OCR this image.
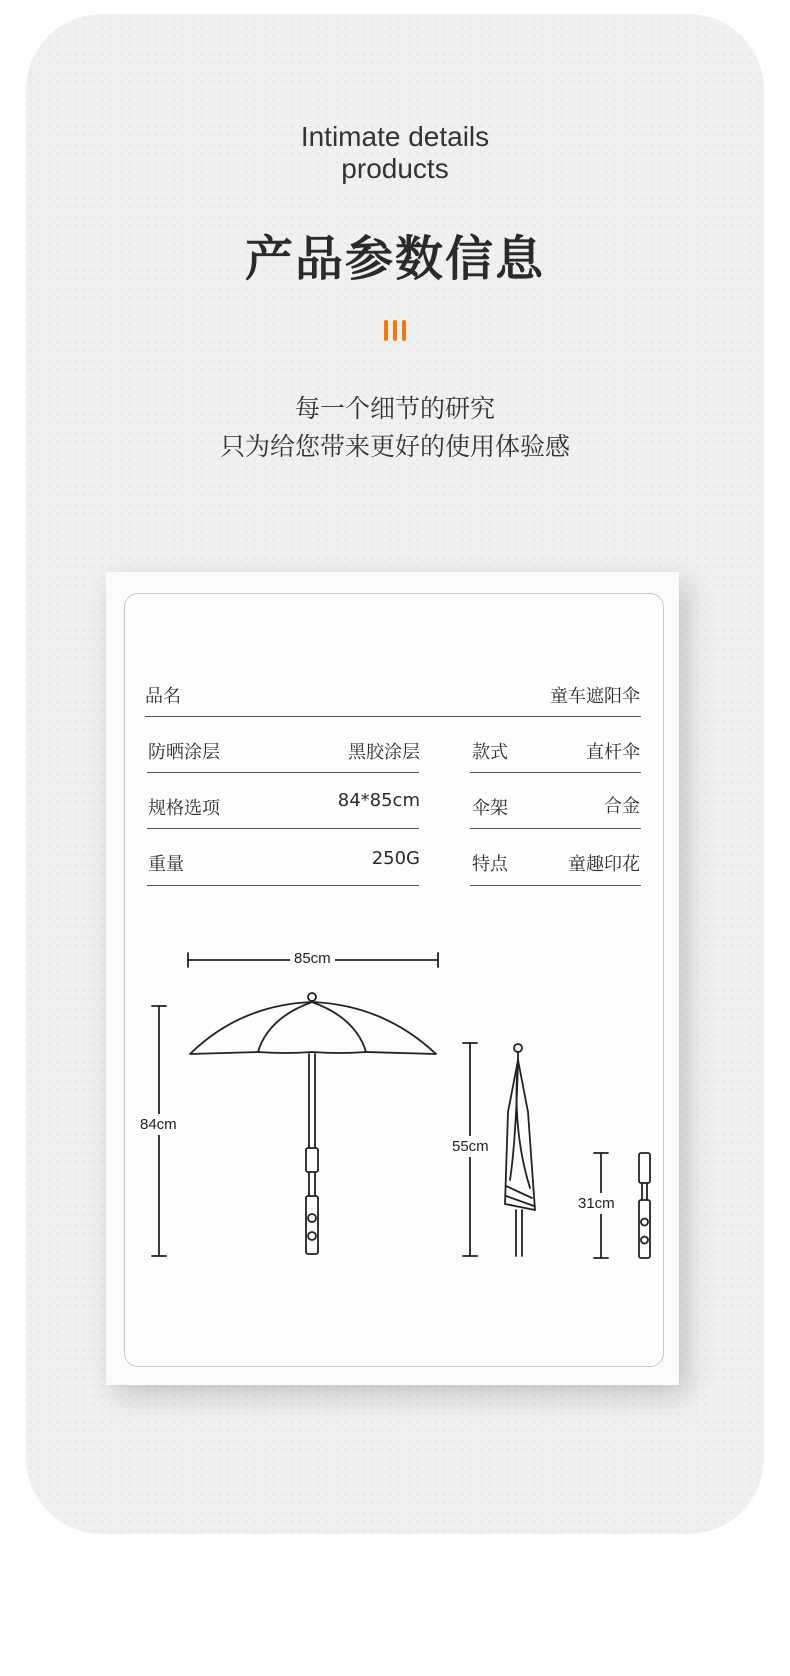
Intimate details
products
产品参数信息
每一个细节的研究
只为给您带来更好的使用体验感
品名	童车遮阳伞
防晒涂层	黑胶涂层
规格选项	84*85cm
重量	250G
款式	直杆伞
伞架	合金
特点	童趣印花
85cm
84cm
55cm
31cm
